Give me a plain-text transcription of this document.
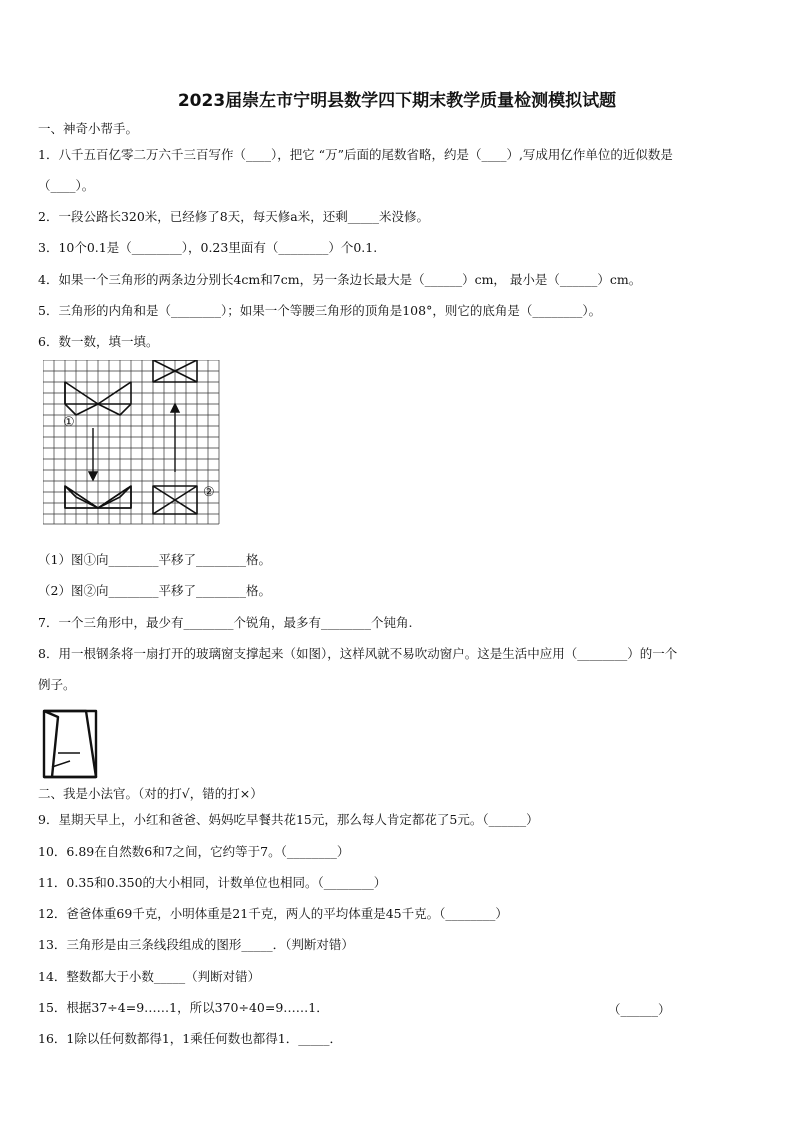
2023届崇左市宁明县数学四下期末教学质量检测模拟试题
一、神奇小帮手。
1．八千五百亿零二万六千三百写作（____），把它 “万”后面的尾数省略，约是（____）,写成用亿作单位的近似数是
（____）。
2．一段公路长320米，已经修了8天，每天修a米，还剩_____米没修。
3．10个0.1是（________），0.23里面有（________）个0.1.
4．如果一个三角形的两条边分别长4cm和7cm，另一条边长最大是（______）cm， 最小是（______）cm。
5．三角形的内角和是（________）；如果一个等腰三角形的顶角是108°，则它的底角是（________）。
6．数一数，填一填。
①
②
（1）图①向________平移了________格。
（2）图②向________平移了________格。
7．一个三角形中，最少有________个锐角，最多有________个钝角.
8．用一根钢条将一扇打开的玻璃窗支撑起来（如图），这样风就不易吹动窗户。这是生活中应用（________）的一个
例子。
二、我是小法官。（对的打√，错的打×）
9．星期天早上，小红和爸爸、妈妈吃早餐共花15元，那么每人肯定都花了5元。（______）
10．6.89在自然数6和7之间，它约等于7。（________）
11．0.35和0.350的大小相同，计数单位也相同。（________）
12．爸爸体重69千克，小明体重是21千克，两人的平均体重是45千克。（________）
13．三角形是由三条线段组成的图形_____．（判断对错）
14．整数都大于小数_____（判断对错）
15．根据37÷4=9……1，所以370÷40=9……1．	（______）
16．1除以任何数都得1，1乘任何数也都得1．_____．
